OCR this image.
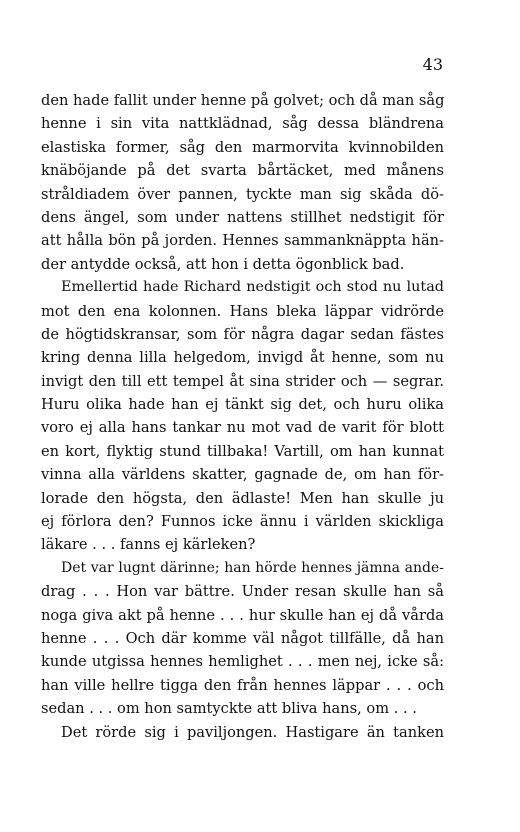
43
den hade fallit under henne på golvet; och då man såg
henne i sin vita nattklädnad, såg dessa bländrena
elastiska former, såg den marmorvita kvinnobilden
knäböjande på det svarta bårtäcket, med månens
stråldiadem över pannen, tyckte man sig skåda dö-
dens ängel, som under nattens stillhet nedstigit för
att hålla bön på jorden. Hennes sammanknäppta hän-
der antydde också, att hon i detta ögonblick bad.
Emellertid hade Richard nedstigit och stod nu lutad
mot den ena kolonnen. Hans bleka läppar vidrörde
de högtidskransar, som för några dagar sedan fästes
kring denna lilla helgedom, invigd åt henne, som nu
invigt den till ett tempel åt sina strider och — segrar.
Huru olika hade han ej tänkt sig det, och huru olika
voro ej alla hans tankar nu mot vad de varit för blott
en kort, flyktig stund tillbaka! Vartill, om han kunnat
vinna alla världens skatter, gagnade de, om han för-
lorade den högsta, den ädlaste! Men han skulle ju
ej förlora den? Funnos icke ännu i världen skickliga
läkare . . . fanns ej kärleken?
Det var lugnt därinne; han hörde hennes jämna ande-
drag . . . Hon var bättre. Under resan skulle han så
noga giva akt på henne . . . hur skulle han ej då vårda
henne . . . Och där komme väl något tillfälle, då han
kunde utgissa hennes hemlighet . . . men nej, icke så:
han ville hellre tigga den från hennes läppar . . . och
sedan . . . om hon samtyckte att bliva hans, om . . .
Det rörde sig i paviljongen. Hastigare än tanken
